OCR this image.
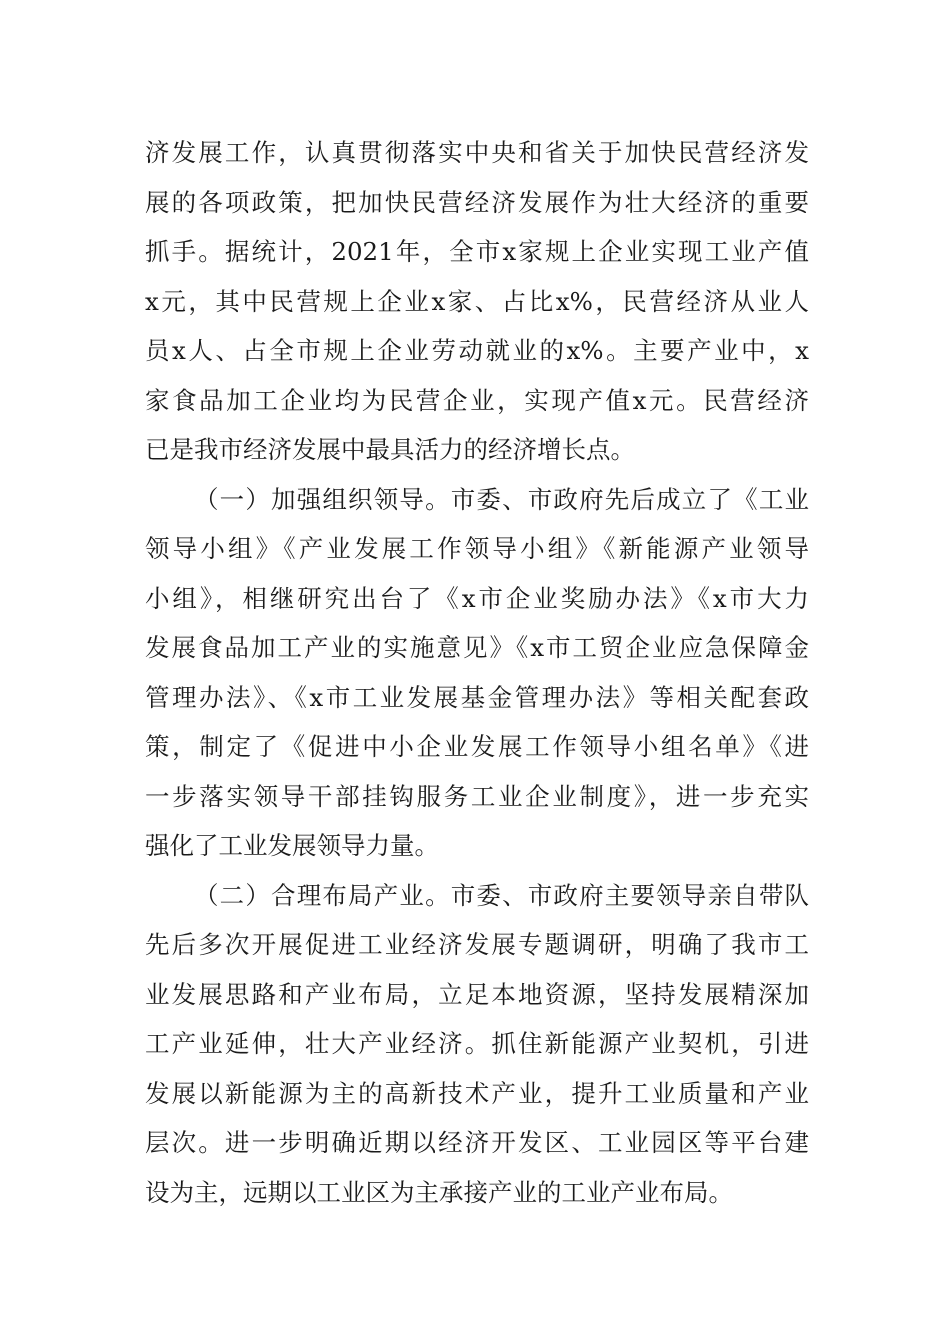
济发展工作，认真贯彻落实中央和省关于加快民营经济发
展的各项政策，把加快民营经济发展作为壮大经济的重要
抓手。据统计，2021年，全市x家规上企业实现工业产值
x元，其中民营规上企业x家、占比x%，民营经济从业人
员x人、占全市规上企业劳动就业的x%。主要产业中，x
家食品加工企业均为民营企业，实现产值x元。民营经济
已是我市经济发展中最具活力的经济增长点。
（一）加强组织领导。市委、市政府先后成立了《工业
领导小组》《产业发展工作领导小组》《新能源产业领导
小组》，相继研究出台了《x市企业奖励办法》《x市大力
发展食品加工产业的实施意见》《x市工贸企业应急保障金
管理办法》、《x市工业发展基金管理办法》等相关配套政
策，制定了《促进中小企业发展工作领导小组名单》《进
一步落实领导干部挂钩服务工业企业制度》，进一步充实
强化了工业发展领导力量。
（二）合理布局产业。市委、市政府主要领导亲自带队
先后多次开展促进工业经济发展专题调研，明确了我市工
业发展思路和产业布局，立足本地资源，坚持发展精深加
工产业延伸，壮大产业经济。抓住新能源产业契机，引进
发展以新能源为主的高新技术产业，提升工业质量和产业
层次。进一步明确近期以经济开发区、工业园区等平台建
设为主，远期以工业区为主承接产业的工业产业布局。
